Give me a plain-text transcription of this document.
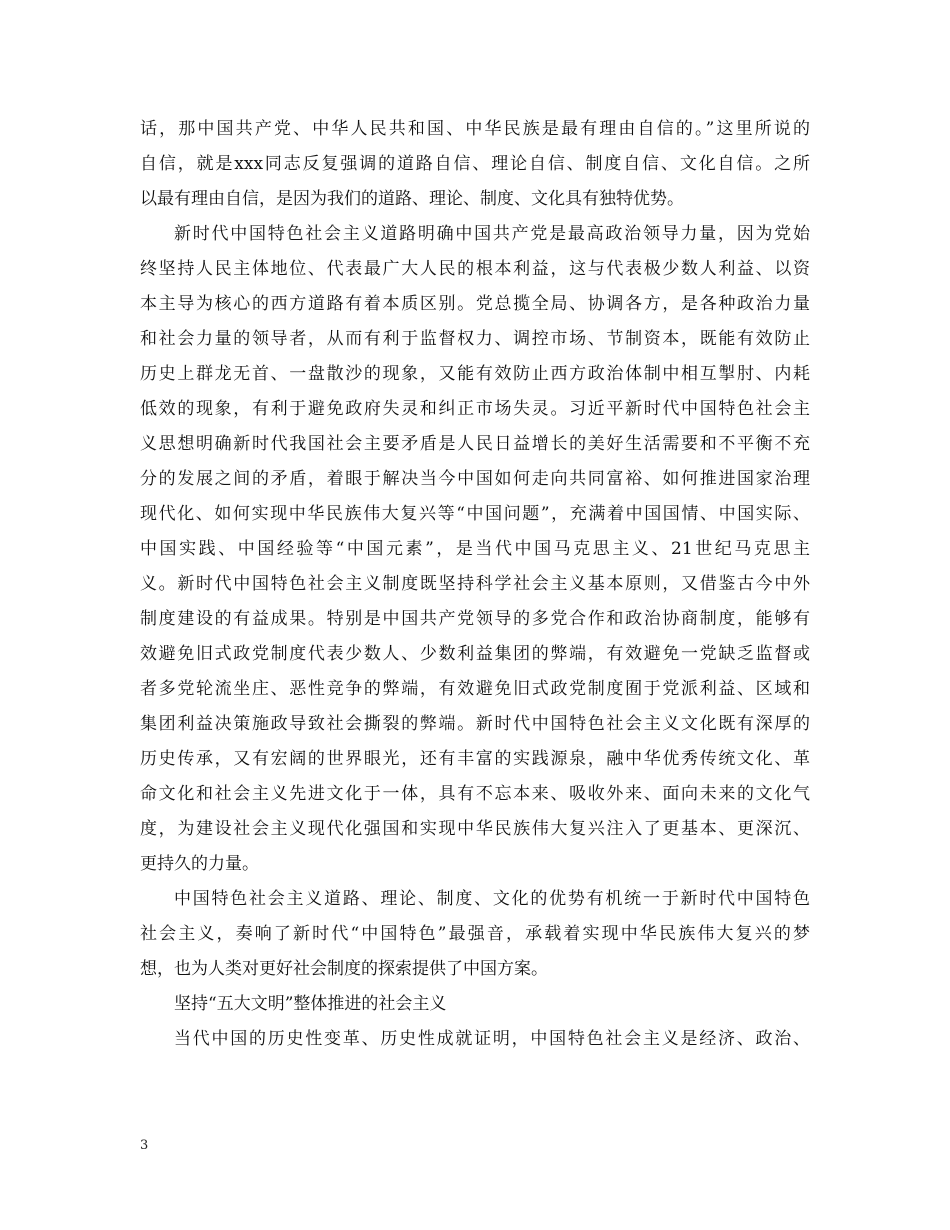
话，那中国共产党、中华人民共和国、中华民族是最有理由自信的。”这里所说的
自信，就是xxx同志反复强调的道路自信、理论自信、制度自信、文化自信。之所
以最有理由自信，是因为我们的道路、理论、制度、文化具有独特优势。
新时代中国特色社会主义道路明确中国共产党是最高政治领导力量，因为党始
终坚持人民主体地位、代表最广大人民的根本利益，这与代表极少数人利益、以资
本主导为核心的西方道路有着本质区别。党总揽全局、协调各方，是各种政治力量
和社会力量的领导者，从而有利于监督权力、调控市场、节制资本，既能有效防止
历史上群龙无首、一盘散沙的现象，又能有效防止西方政治体制中相互掣肘、内耗
低效的现象，有利于避免政府失灵和纠正市场失灵。习近平新时代中国特色社会主
义思想明确新时代我国社会主要矛盾是人民日益增长的美好生活需要和不平衡不充
分的发展之间的矛盾，着眼于解决当今中国如何走向共同富裕、如何推进国家治理
现代化、如何实现中华民族伟大复兴等“中国问题”，充满着中国国情、中国实际、
中国实践、中国经验等“中国元素”，是当代中国马克思主义、21世纪马克思主
义。新时代中国特色社会主义制度既坚持科学社会主义基本原则，又借鉴古今中外
制度建设的有益成果。特别是中国共产党领导的多党合作和政治协商制度，能够有
效避免旧式政党制度代表少数人、少数利益集团的弊端，有效避免一党缺乏监督或
者多党轮流坐庄、恶性竞争的弊端，有效避免旧式政党制度囿于党派利益、区域和
集团利益决策施政导致社会撕裂的弊端。新时代中国特色社会主义文化既有深厚的
历史传承，又有宏阔的世界眼光，还有丰富的实践源泉，融中华优秀传统文化、革
命文化和社会主义先进文化于一体，具有不忘本来、吸收外来、面向未来的文化气
度，为建设社会主义现代化强国和实现中华民族伟大复兴注入了更基本、更深沉、
更持久的力量。
中国特色社会主义道路、理论、制度、文化的优势有机统一于新时代中国特色
社会主义，奏响了新时代“中国特色”最强音，承载着实现中华民族伟大复兴的梦
想，也为人类对更好社会制度的探索提供了中国方案。
坚持“五大文明”整体推进的社会主义
当代中国的历史性变革、历史性成就证明，中国特色社会主义是经济、政治、
3
